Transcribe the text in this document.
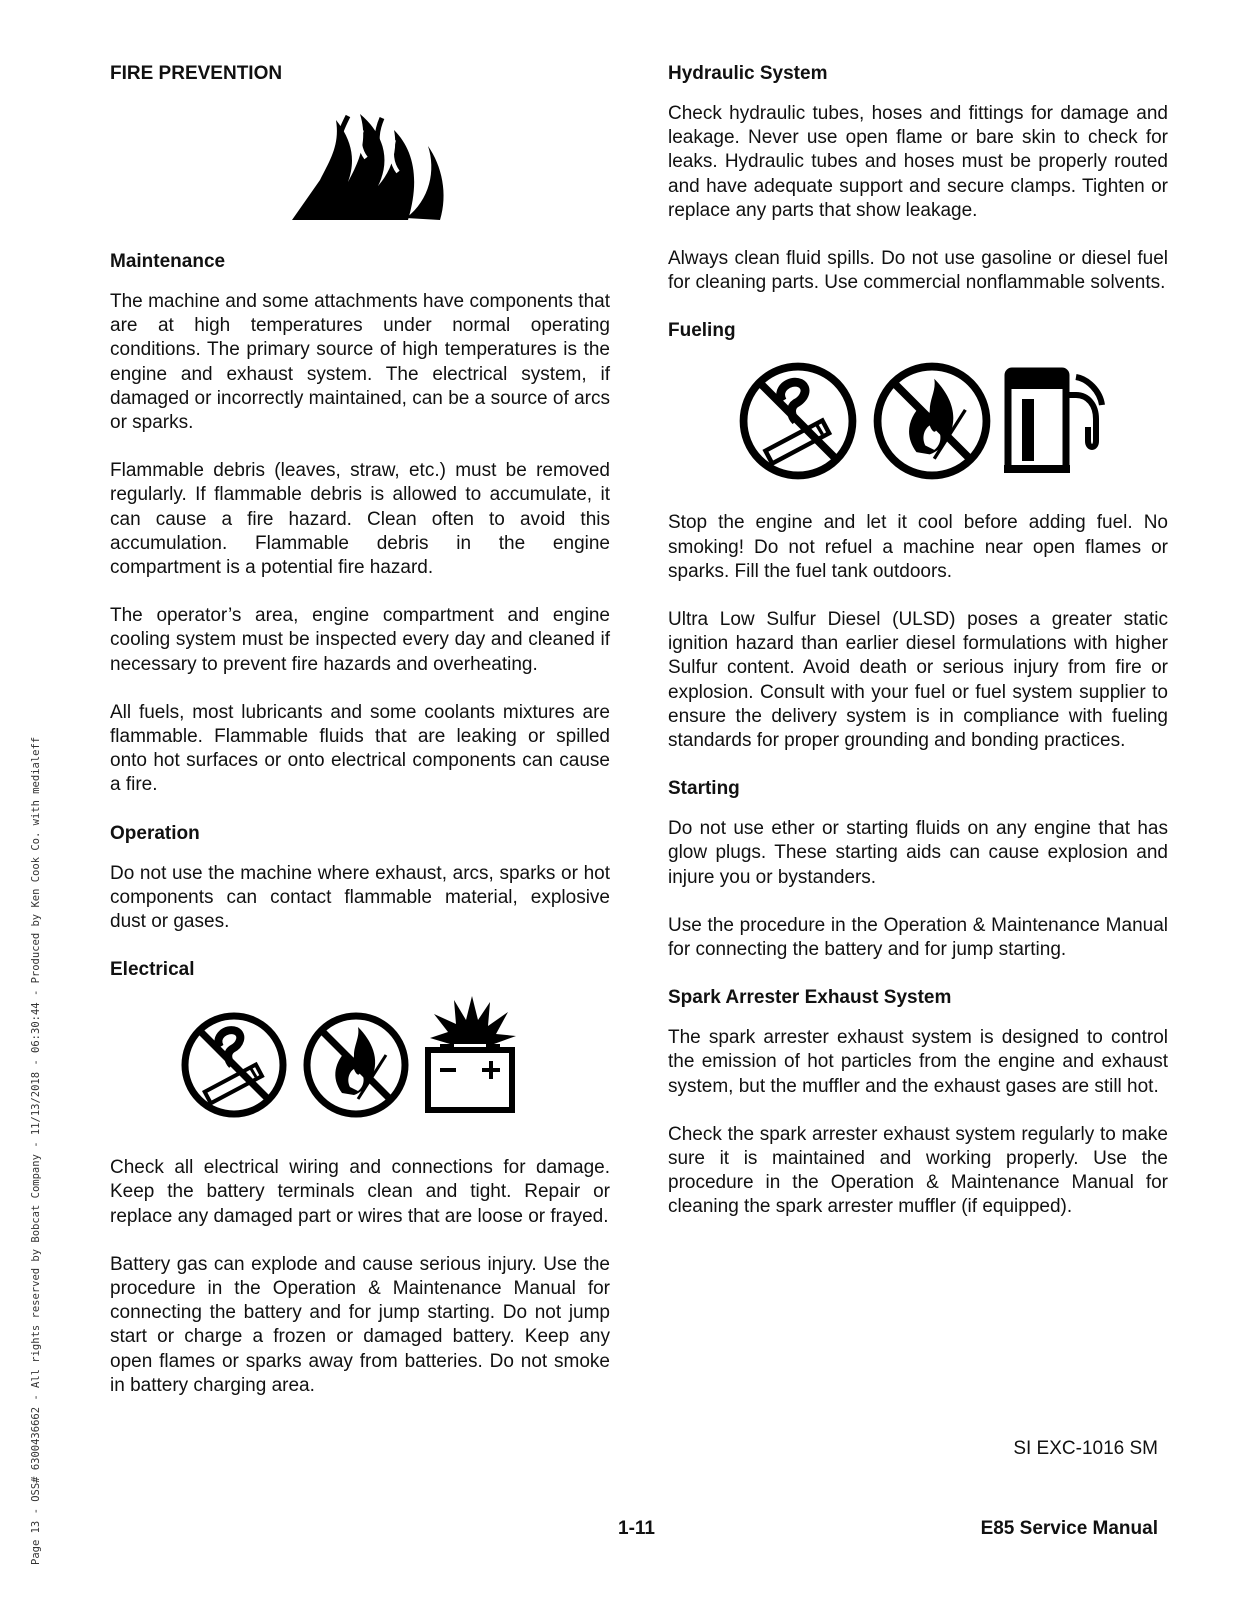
FIRE PREVENTION
Maintenance

The machine and some attachments have components that are at high temperatures under normal operating conditions. The primary source of high temperatures is the engine and exhaust system. The electrical system, if damaged or incorrectly maintained, can be a source of arcs or sparks.

Flammable debris (leaves, straw, etc.) must be removed regularly. If flammable debris is allowed to accumulate, it can cause a fire hazard. Clean often to avoid this accumulation. Flammable debris in the engine compartment is a potential fire hazard.

The operator’s area, engine compartment and engine cooling system must be inspected every day and cleaned if necessary to prevent fire hazards and overheating.

All fuels, most lubricants and some coolants mixtures are flammable. Flammable fluids that are leaking or spilled onto hot surfaces or onto electrical components can cause a fire.

Operation

Do not use the machine where exhaust, arcs, sparks or hot components can contact flammable material, explosive dust or gases.

Electrical

Check all electrical wiring and connections for damage. Keep the battery terminals clean and tight. Repair or replace any damaged part or wires that are loose or frayed.

Battery gas can explode and cause serious injury. Use the procedure in the Operation & Maintenance Manual for connecting the battery and for jump starting. Do not jump start or charge a frozen or damaged battery. Keep any open flames or sparks away from batteries. Do not smoke in battery charging area.

Hydraulic System

Check hydraulic tubes, hoses and fittings for damage and leakage. Never use open flame or bare skin to check for leaks. Hydraulic tubes and hoses must be properly routed and have adequate support and secure clamps. Tighten or replace any parts that show leakage.

Always clean fluid spills. Do not use gasoline or diesel fuel for cleaning parts. Use commercial nonflammable solvents.

Fueling

Stop the engine and let it cool before adding fuel. No smoking! Do not refuel a machine near open flames or sparks. Fill the fuel tank outdoors.

Ultra Low Sulfur Diesel (ULSD) poses a greater static ignition hazard than earlier diesel formulations with higher Sulfur content. Avoid death or serious injury from fire or explosion. Consult with your fuel or fuel system supplier to ensure the delivery system is in compliance with fueling standards for proper grounding and bonding practices.

Starting

Do not use ether or starting fluids on any engine that has glow plugs. These starting aids can cause explosion and injure you or bystanders.

Use the procedure in the Operation & Maintenance Manual for connecting the battery and for jump starting.

Spark Arrester Exhaust System

The spark arrester exhaust system is designed to control the emission of hot particles from the engine and exhaust system, but the muffler and the exhaust gases are still hot.

Check the spark arrester exhaust system regularly to make sure it is maintained and working properly. Use the procedure in the Operation & Maintenance Manual for cleaning the spark arrester muffler (if equipped).

Page 13 - OSS# 6300436662 - All rights reserved by Bobcat Company - 11/13/2018 - 06:30:44 - Produced by Ken Cook Co. with medialeff	SI EXC-1016 SM
1-11	E85 Service Manual
